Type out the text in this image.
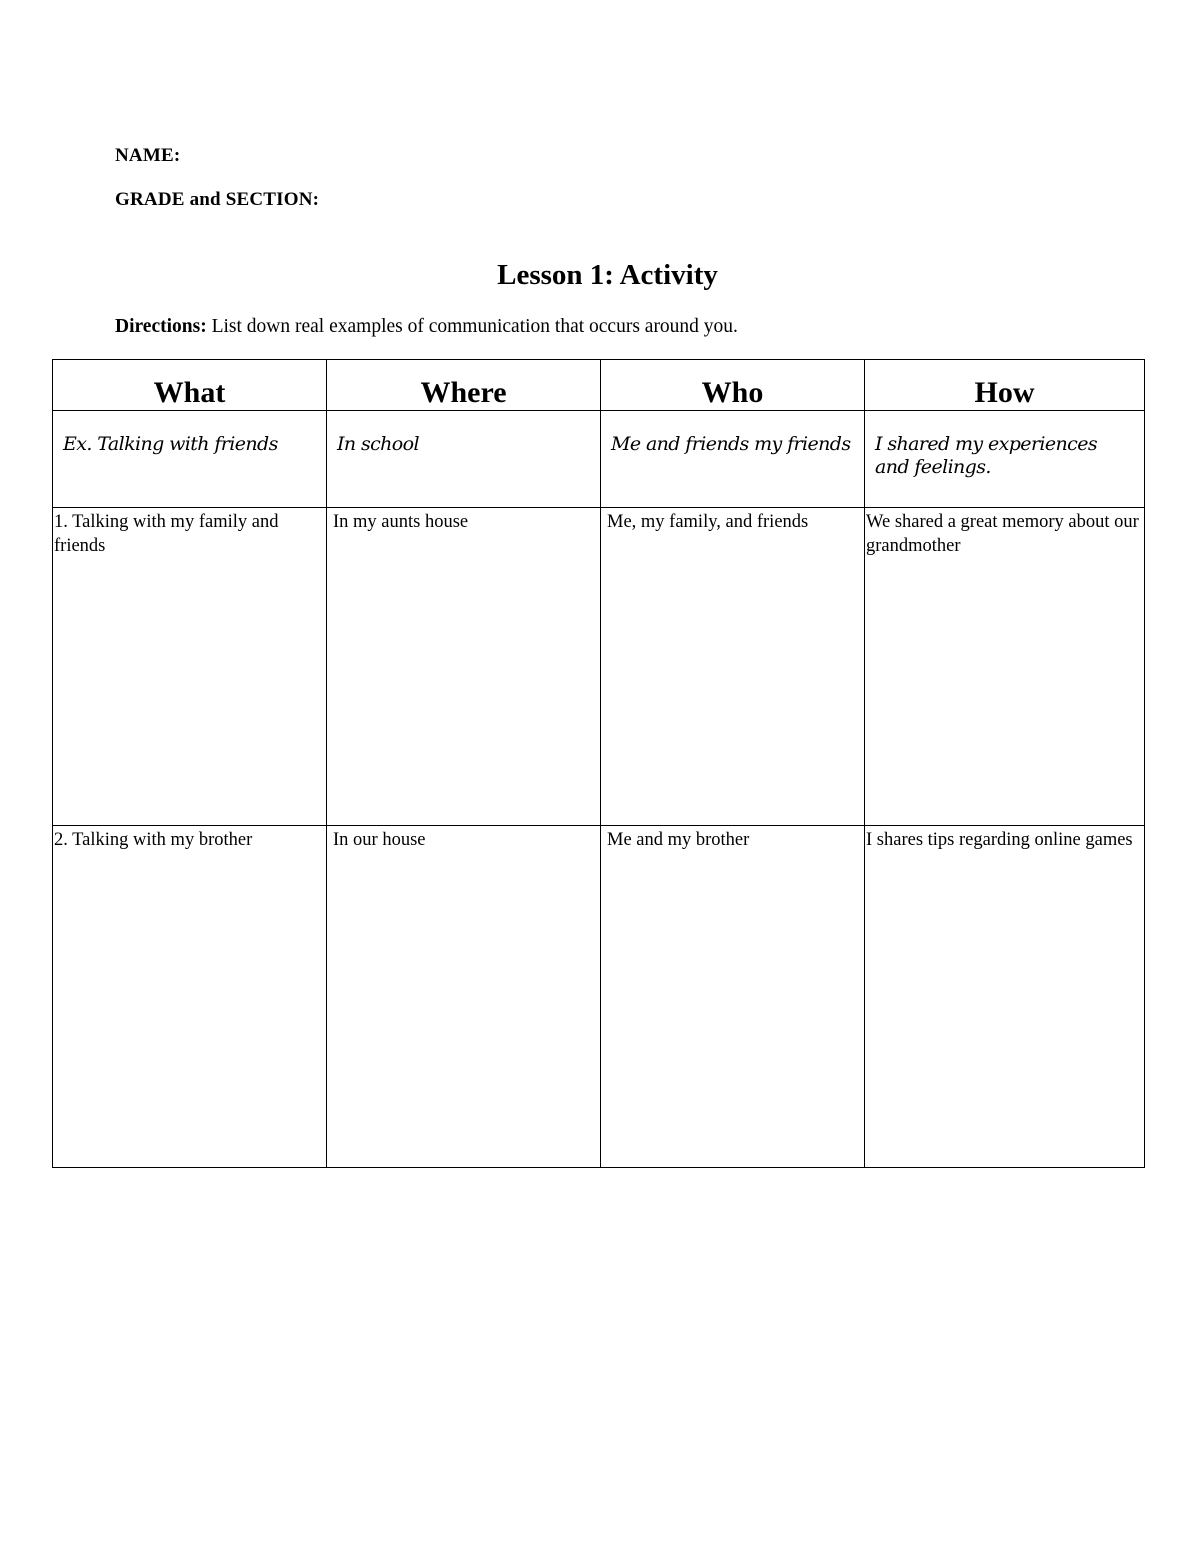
NAME:
GRADE and SECTION:
Lesson 1: Activity
Directions: List down real examples of communication that occurs around you.
What	Where	Who	How
Ex. Talking with friends	In school	Me and friends my friends	I shared my experiences and feelings.
1. Talking with my family and friends	In my aunts house	Me, my family, and friends	We shared a great memory about our grandmother
2. Talking with my brother	In our house	Me and my brother	I shares tips regarding online games
